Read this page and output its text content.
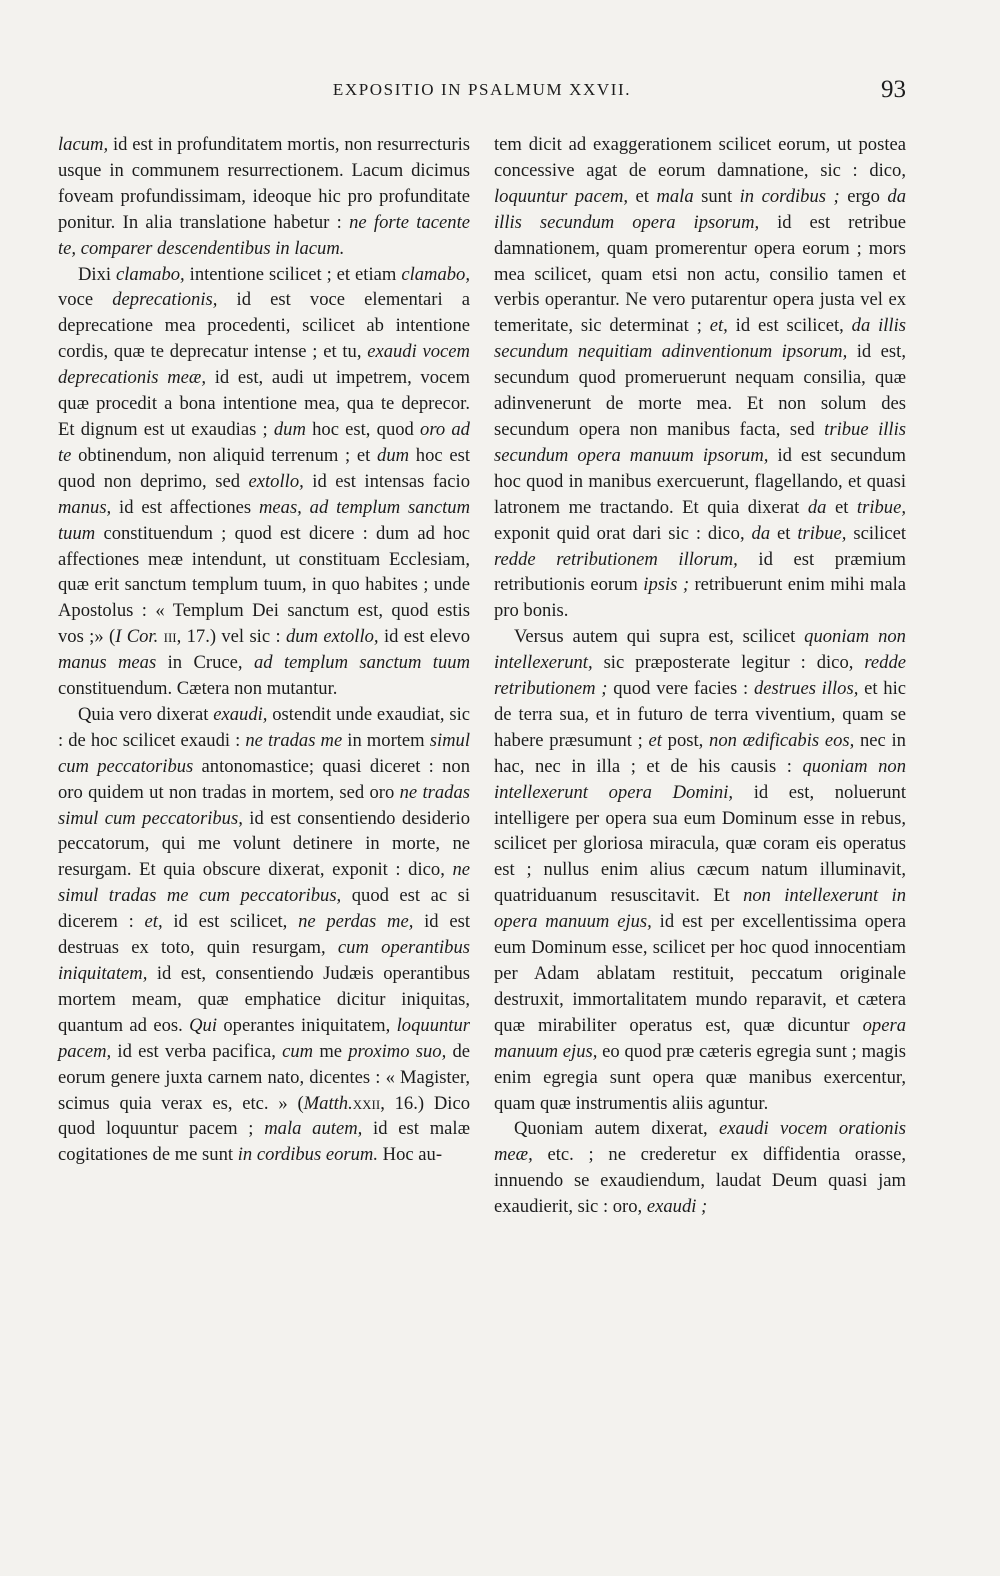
EXPOSITIO IN PSALMUM XXVII.	93

lacum, id est in profunditatem mortis, non resurrecturis usque in communem resurrectionem. Lacum dicimus foveam profundissimam, ideoque hic pro profunditate ponitur. In alia translatione habetur : ne forte tacente te, comparer descendentibus in lacum.

Dixi clamabo, intentione scilicet ; et etiam clamabo, voce deprecationis, id est voce elementari a deprecatione mea procedenti, scilicet ab intentione cordis, quæ te deprecatur intense ; et tu, exaudi vocem deprecationis meæ, id est, audi ut impetrem, vocem quæ procedit a bona intentione mea, qua te deprecor. Et dignum est ut exaudias ; dum hoc est, quod oro ad te obtinendum, non aliquid terrenum ; et dum hoc est quod non deprimo, sed extollo, id est intensas facio manus, id est affectiones meas, ad templum sanctum tuum constituendum ; quod est dicere : dum ad hoc affectiones meæ intendunt, ut constituam Ecclesiam, quæ erit sanctum templum tuum, in quo habites ; unde Apostolus : « Templum Dei sanctum est, quod estis vos ;» (I Cor. iii, 17.) vel sic : dum extollo, id est elevo manus meas in Cruce, ad templum sanctum tuum constituendum. Cætera non mutantur.

Quia vero dixerat exaudi, ostendit unde exaudiat, sic : de hoc scilicet exaudi : ne tradas me in mortem simul cum peccatoribus antonomastice; quasi diceret : non oro quidem ut non tradas in mortem, sed oro ne tradas simul cum peccatoribus, id est consentiendo desiderio peccatorum, qui me volunt detinere in morte, ne resurgam. Et quia obscure dixerat, exponit : dico, ne simul tradas me cum peccatoribus, quod est ac si dicerem : et, id est scilicet, ne perdas me, id est destruas ex toto, quin resurgam, cum operantibus iniquitatem, id est, consentiendo Judæis operantibus mortem meam, quæ emphatice dicitur iniquitas, quantum ad eos. Qui operantes iniquitatem, loquuntur pacem, id est verba pacifica, cum me proximo suo, de eorum genere juxta carnem nato, dicentes : « Magister, scimus quia verax es, etc. » (Matth.xxii, 16.) Dico quod loquuntur pacem ; mala autem, id est malæ cogitationes de me sunt in cordibus eorum. Hoc au-

tem dicit ad exaggerationem scilicet eorum, ut postea concessive agat de eorum damnatione, sic : dico, loquuntur pacem, et mala sunt in cordibus ; ergo da illis secundum opera ipsorum, id est retribue damnationem, quam promerentur opera eorum ; mors mea scilicet, quam etsi non actu, consilio tamen et verbis operantur. Ne vero putarentur opera justa vel ex temeritate, sic determinat ; et, id est scilicet, da illis secundum nequitiam adinventionum ipsorum, id est, secundum quod promeruerunt nequam consilia, quæ adinvenerunt de morte mea. Et non solum des secundum opera non manibus facta, sed tribue illis secundum opera manuum ipsorum, id est secundum hoc quod in manibus exercuerunt, flagellando, et quasi latronem me tractando. Et quia dixerat da et tribue, exponit quid orat dari sic : dico, da et tribue, scilicet redde retributionem illorum, id est præmium retributionis eorum ipsis ; retribuerunt enim mihi mala pro bonis.

Versus autem qui supra est, scilicet quoniam non intellexerunt, sic præposterate legitur : dico, redde retributionem ; quod vere facies : destrues illos, et hic de terra sua, et in futuro de terra viventium, quam se habere præsumunt ; et post, non ædificabis eos, nec in hac, nec in illa ; et de his causis : quoniam non intellexerunt opera Domini, id est, noluerunt intelligere per opera sua eum Dominum esse in rebus, scilicet per gloriosa miracula, quæ coram eis operatus est ; nullus enim alius cæcum natum illuminavit, quatriduanum resuscitavit. Et non intellexerunt in opera manuum ejus, id est per excellentissima opera eum Dominum esse, scilicet per hoc quod innocentiam per Adam ablatam restituit, peccatum originale destruxit, immortalitatem mundo reparavit, et cætera quæ mirabiliter operatus est, quæ dicuntur opera manuum ejus, eo quod præ cæteris egregia sunt ; magis enim egregia sunt opera quæ manibus exercentur, quam quæ instrumentis aliis aguntur.

Quoniam autem dixerat, exaudi vocem orationis meæ, etc. ; ne crederetur ex diffidentia orasse, innuendo se exaudiendum, laudat Deum quasi jam exaudierit, sic : oro, exaudi ;
